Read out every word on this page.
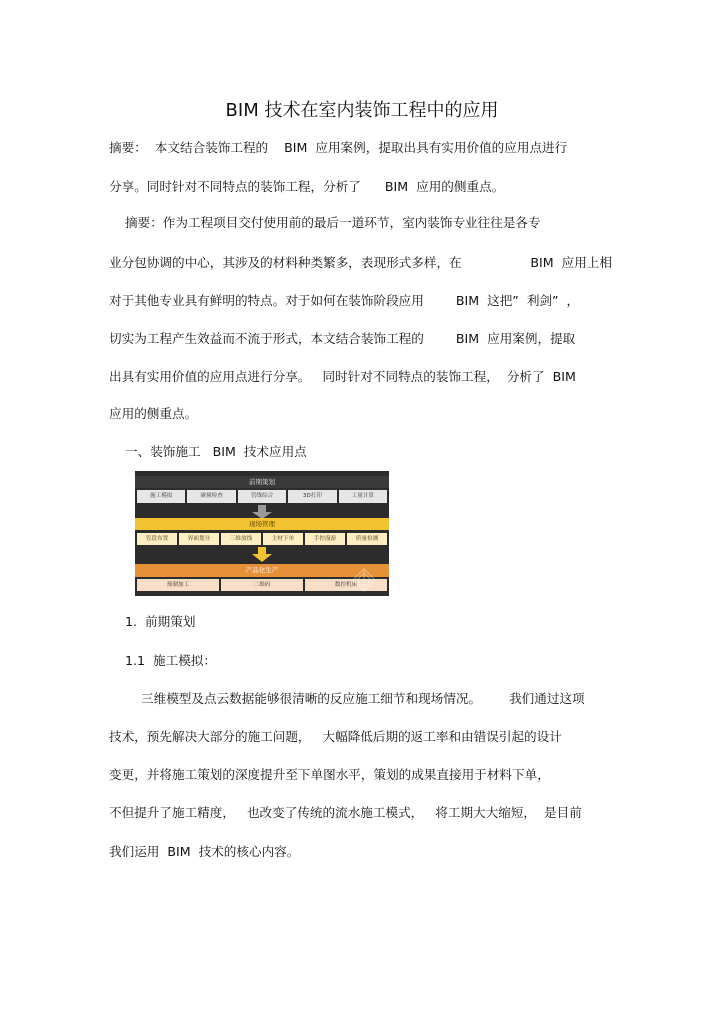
BIM 技术在室内装饰工程中的应用
摘要：  本文结合装饰工程的    BIM  应用案例，提取出具有实用价值的应用点进行
分享。同时针对不同特点的装饰工程，分析了      BIM  应用的侧重点。
摘要：作为工程项目交付使用前的最后一道环节，室内装饰专业往往是各专
业分包协调的中心，其涉及的材料种类繁多，表现形式多样，在	BIM  应用上相
对于其他专业具有鲜明的特点。对于如何在装饰阶段应用        BIM  这把”  利剑”  ，
切实为工程产生效益而不流于形式，本文结合装饰工程的        BIM  应用案例，提取
出具有实用价值的应用点进行分享。   同时针对不同特点的装饰工程，  分析了  BIM
应用的侧重点。
一、装饰施工   BIM  技术应用点
前期策划
施工模拟	碰撞检查	管线综合	3D打印	工量计算
现场管理
管段布置	界面划分	三维放线	主材下单	手控漫游	质量检测
产品化生产
预制加工	二维码	数控机床
1.  前期策划
1.1  施工模拟：
三维模型及点云数据能够很清晰的反应施工细节和现场情况。       我们通过这项
技术，预先解决大部分的施工问题，   大幅降低后期的返工率和由错误引起的设计
变更，并将施工策划的深度提升至下单图水平，策划的成果直接用于材料下单，
不但提升了施工精度，   也改变了传统的流水施工模式，   将工期大大缩短，  是目前
我们运用  BIM  技术的核心内容。
